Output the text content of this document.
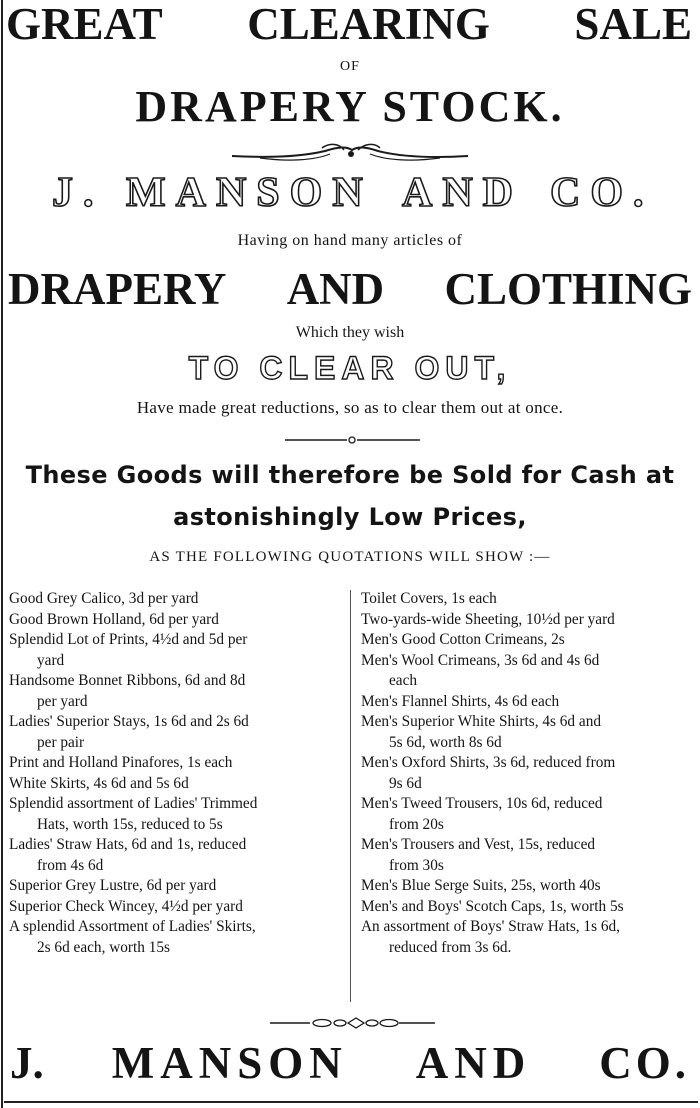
GREAT CLEARING SALE
OF
DRAPERY STOCK.
J. MANSON AND CO.
Having on hand many articles of
DRAPERY AND CLOTHING
Which they wish
TO CLEAR OUT,
Have made great reductions, so as to clear them out at once.
These Goods will therefore be Sold for Cash at
astonishingly Low Prices,
AS THE FOLLOWING QUOTATIONS WILL SHOW :—
Good Grey Calico, 3d per yard
Good Brown Holland, 6d per yard
Splendid Lot of Prints, 4½d and 5d per
yard
Handsome Bonnet Ribbons, 6d and 8d
per yard
Ladies' Superior Stays, 1s 6d and 2s 6d
per pair
Print and Holland Pinafores, 1s each
White Skirts, 4s 6d and 5s 6d
Splendid assortment of Ladies' Trimmed
Hats, worth 15s, reduced to 5s
Ladies' Straw Hats, 6d and 1s, reduced
from 4s 6d
Superior Grey Lustre, 6d per yard
Superior Check Wincey, 4½d per yard
A splendid Assortment of Ladies' Skirts,
2s 6d each, worth 15s
Toilet Covers, 1s each
Two-yards-wide Sheeting, 10½d per yard
Men's Good Cotton Crimeans, 2s
Men's Wool Crimeans, 3s 6d and 4s 6d
each
Men's Flannel Shirts, 4s 6d each
Men's Superior White Shirts, 4s 6d and
5s 6d, worth 8s 6d
Men's Oxford Shirts, 3s 6d, reduced from
9s 6d
Men's Tweed Trousers, 10s 6d, reduced
from 20s
Men's Trousers and Vest, 15s, reduced
from 30s
Men's Blue Serge Suits, 25s, worth 40s
Men's and Boys' Scotch Caps, 1s, worth 5s
An assortment of Boys' Straw Hats, 1s 6d,
reduced from 3s 6d.
J. MANSON AND CO.
